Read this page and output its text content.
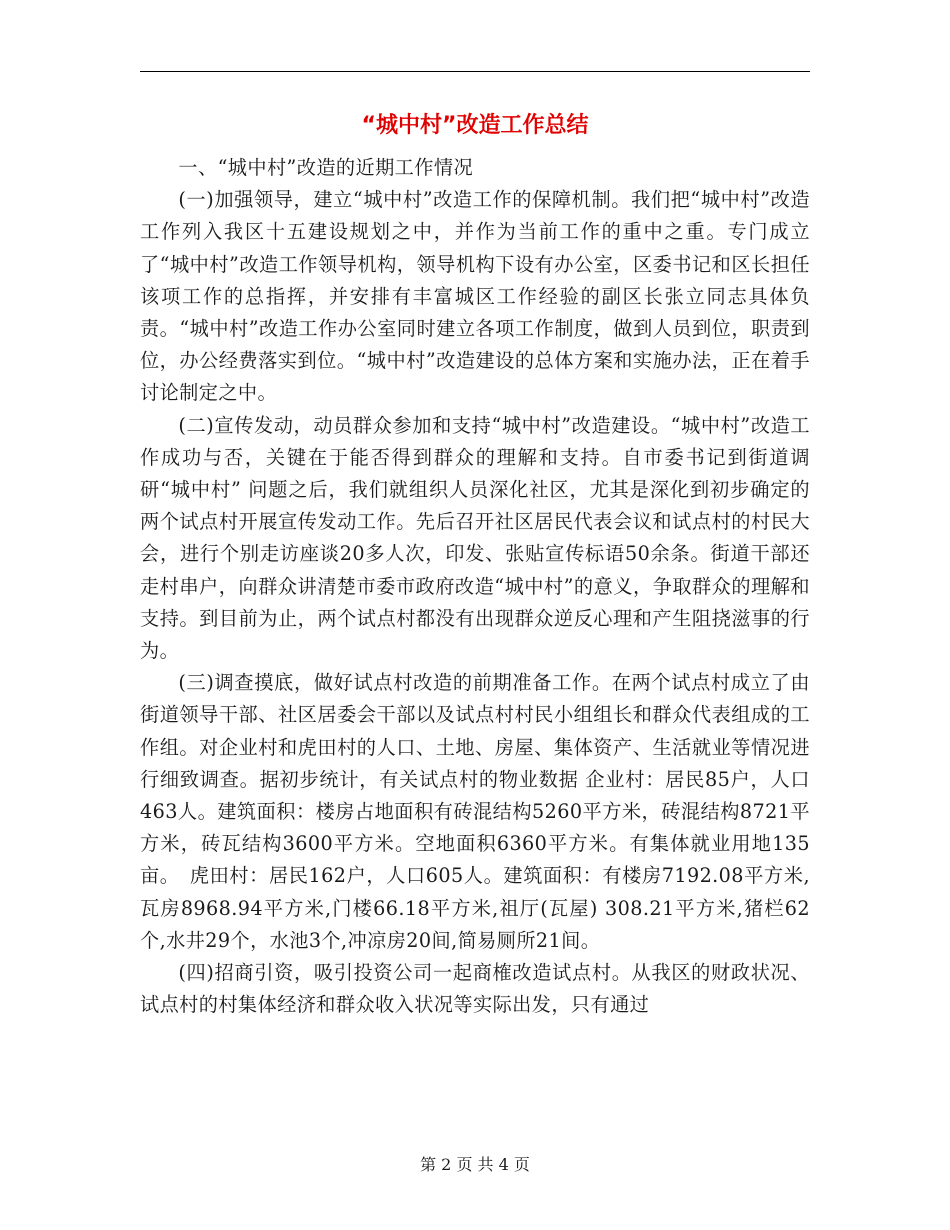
“城中村”改造工作总结

一、“城中村”改造的近期工作情况

(一)加强领导，建立“城中村”改造工作的保障机制。我们把“城中村”改造工作列入我区十五建设规划之中，并作为当前工作的重中之重。专门成立了“城中村”改造工作领导机构，领导机构下设有办公室，区委书记和区长担任该项工作的总指挥，并安排有丰富城区工作经验的副区长张立同志具体负责。“城中村”改造工作办公室同时建立各项工作制度，做到人员到位，职责到位，办公经费落实到位。“城中村”改造建设的总体方案和实施办法，正在着手讨论制定之中。

(二)宣传发动，动员群众参加和支持“城中村”改造建设。“城中村”改造工作成功与否，关键在于能否得到群众的理解和支持。自市委书记到街道调研“城中村” 问题之后，我们就组织人员深化社区，尤其是深化到初步确定的两个试点村开展宣传发动工作。先后召开社区居民代表会议和试点村的村民大会，进行个别走访座谈20多人次，印发、张贴宣传标语50余条。街道干部还走村串户，向群众讲清楚市委市政府改造“城中村”的意义，争取群众的理解和支持。到目前为止，两个试点村都没有出现群众逆反心理和产生阻挠滋事的行为。

(三)调查摸底，做好试点村改造的前期准备工作。在两个试点村成立了由街道领导干部、社区居委会干部以及试点村村民小组组长和群众代表组成的工作组。对企业村和虎田村的人口、土地、房屋、集体资产、生活就业等情况进行细致调查。据初步统计，有关试点村的物业数据 企业村：居民85户，人口463人。建筑面积：楼房占地面积有砖混结构5260平方米，砖混结构8721平方米，砖瓦结构3600平方米。空地面积6360平方米。有集体就业用地135亩。　虎田村：居民162户，人口605人。建筑面积：有楼房7192.08平方米,瓦房8968.94平方米,门楼66.18平方米,祖厅(瓦屋) 308.21平方米,猪栏62个,水井29个，水池3个,冲凉房20间,简易厕所21间。

(四)招商引资，吸引投资公司一起商榷改造试点村。从我区的财政状况、试点村的村集体经济和群众收入状况等实际出发，只有通过

第 2 页 共 4 页
